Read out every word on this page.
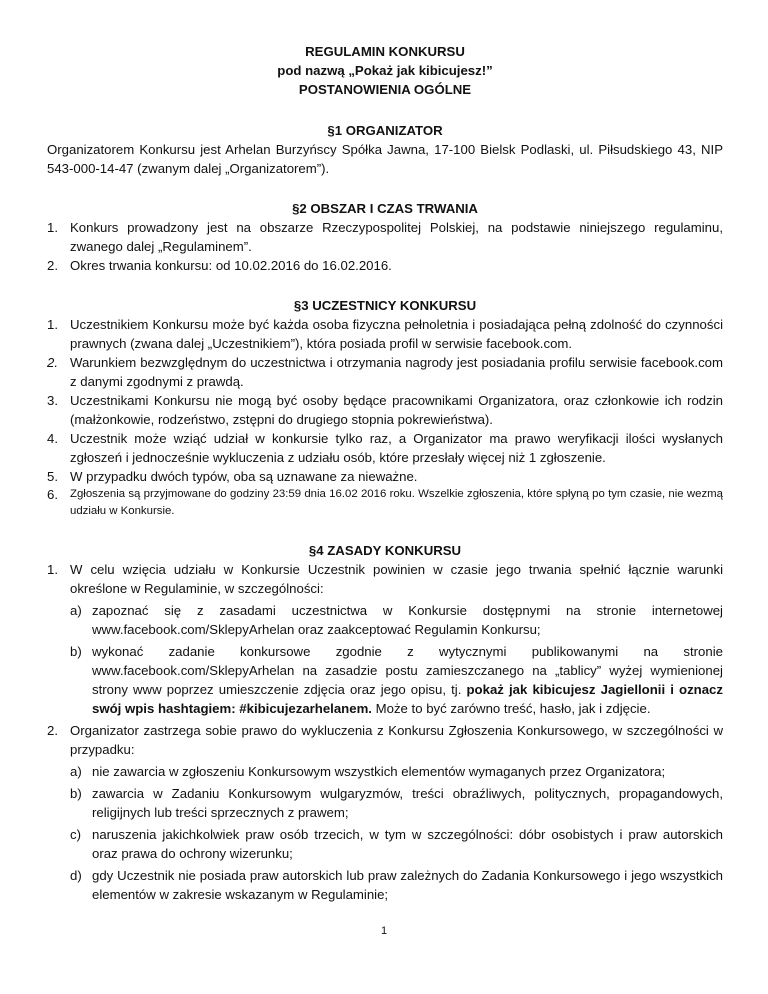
REGULAMIN KONKURSU

pod nazwą „Pokaż jak kibicujesz!”

POSTANOWIENIA OGÓLNE

§1 ORGANIZATOR

Organizatorem Konkursu jest Arhelan Burzyńscy Spółka Jawna, 17-100 Bielsk Podlaski, ul. Piłsudskiego 43, NIP 543-000-14-47 (zwanym dalej „Organizatorem”).

§2 OBSZAR I CZAS TRWANIA

1. Konkurs prowadzony jest na obszarze Rzeczypospolitej Polskiej, na podstawie niniejszego regulaminu, zwanego dalej „Regulaminem”.
2. Okres trwania konkursu: od 10.02.2016 do 16.02.2016.

§3 UCZESTNICY KONKURSU

1. Uczestnikiem Konkursu może być każda osoba fizyczna pełnoletnia i posiadająca pełną zdolność do czynności prawnych (zwana dalej „Uczestnikiem”), która posiada profil w serwisie facebook.com.
2. Warunkiem bezwzględnym do uczestnictwa i otrzymania nagrody jest posiadania profilu serwisie facebook.com z danymi zgodnymi z prawdą.
3. Uczestnikami Konkursu nie mogą być osoby będące pracownikami Organizatora, oraz członkowie ich rodzin (małżonkowie, rodzeństwo, zstępni do drugiego stopnia pokrewieństwa).
4. Uczestnik może wziąć udział w konkursie tylko raz, a Organizator ma prawo weryfikacji ilości wysłanych zgłoszeń i jednocześnie wykluczenia z udziału osób, które przesłały więcej niż 1 zgłoszenie.
5. W przypadku dwóch typów, oba są uznawane za nieważne.
6. Zgłoszenia są przyjmowane do godziny 23:59 dnia 16.02 2016 roku. Wszelkie zgłoszenia, które spłyną po tym czasie, nie wezmą udziału w Konkursie.

§4 ZASADY KONKURSU

1. W celu wzięcia udziału w Konkursie Uczestnik powinien w czasie jego trwania spełnić łącznie warunki określone w Regulaminie, w szczególności:
a) zapoznać się z zasadami uczestnictwa w Konkursie dostępnymi na stronie internetowej www.facebook.com/SklepyArhelan oraz zaakceptować Regulamin Konkursu;
b) wykonać zadanie konkursowe zgodnie z wytycznymi publikowanymi na stronie www.facebook.com/SklepyArhelan na zasadzie postu zamieszczanego na „tablicy” wyżej wymienionej strony www poprzez umieszczenie zdjęcia oraz jego opisu, tj. pokaż jak kibicujesz Jagiellonii i oznacz swój wpis hashtagiem: #kibicujezarhelanem. Może to być zarówno treść, hasło, jak i zdjęcie.
2. Organizator zastrzega sobie prawo do wykluczenia z Konkursu Zgłoszenia Konkursowego, w szczególności w przypadku:
a) nie zawarcia w zgłoszeniu Konkursowym wszystkich elementów wymaganych przez Organizatora;
b) zawarcia w Zadaniu Konkursowym wulgaryzmów, treści obraźliwych, politycznych, propagandowych, religijnych lub treści sprzecznych z prawem;
c) naruszenia jakichkolwiek praw osób trzecich, w tym w szczególności: dóbr osobistych i praw autorskich oraz prawa do ochrony wizerunku;
d) gdy Uczestnik nie posiada praw autorskich lub praw zależnych do Zadania Konkursowego i jego wszystkich elementów w zakresie wskazanym w Regulaminie;
1
